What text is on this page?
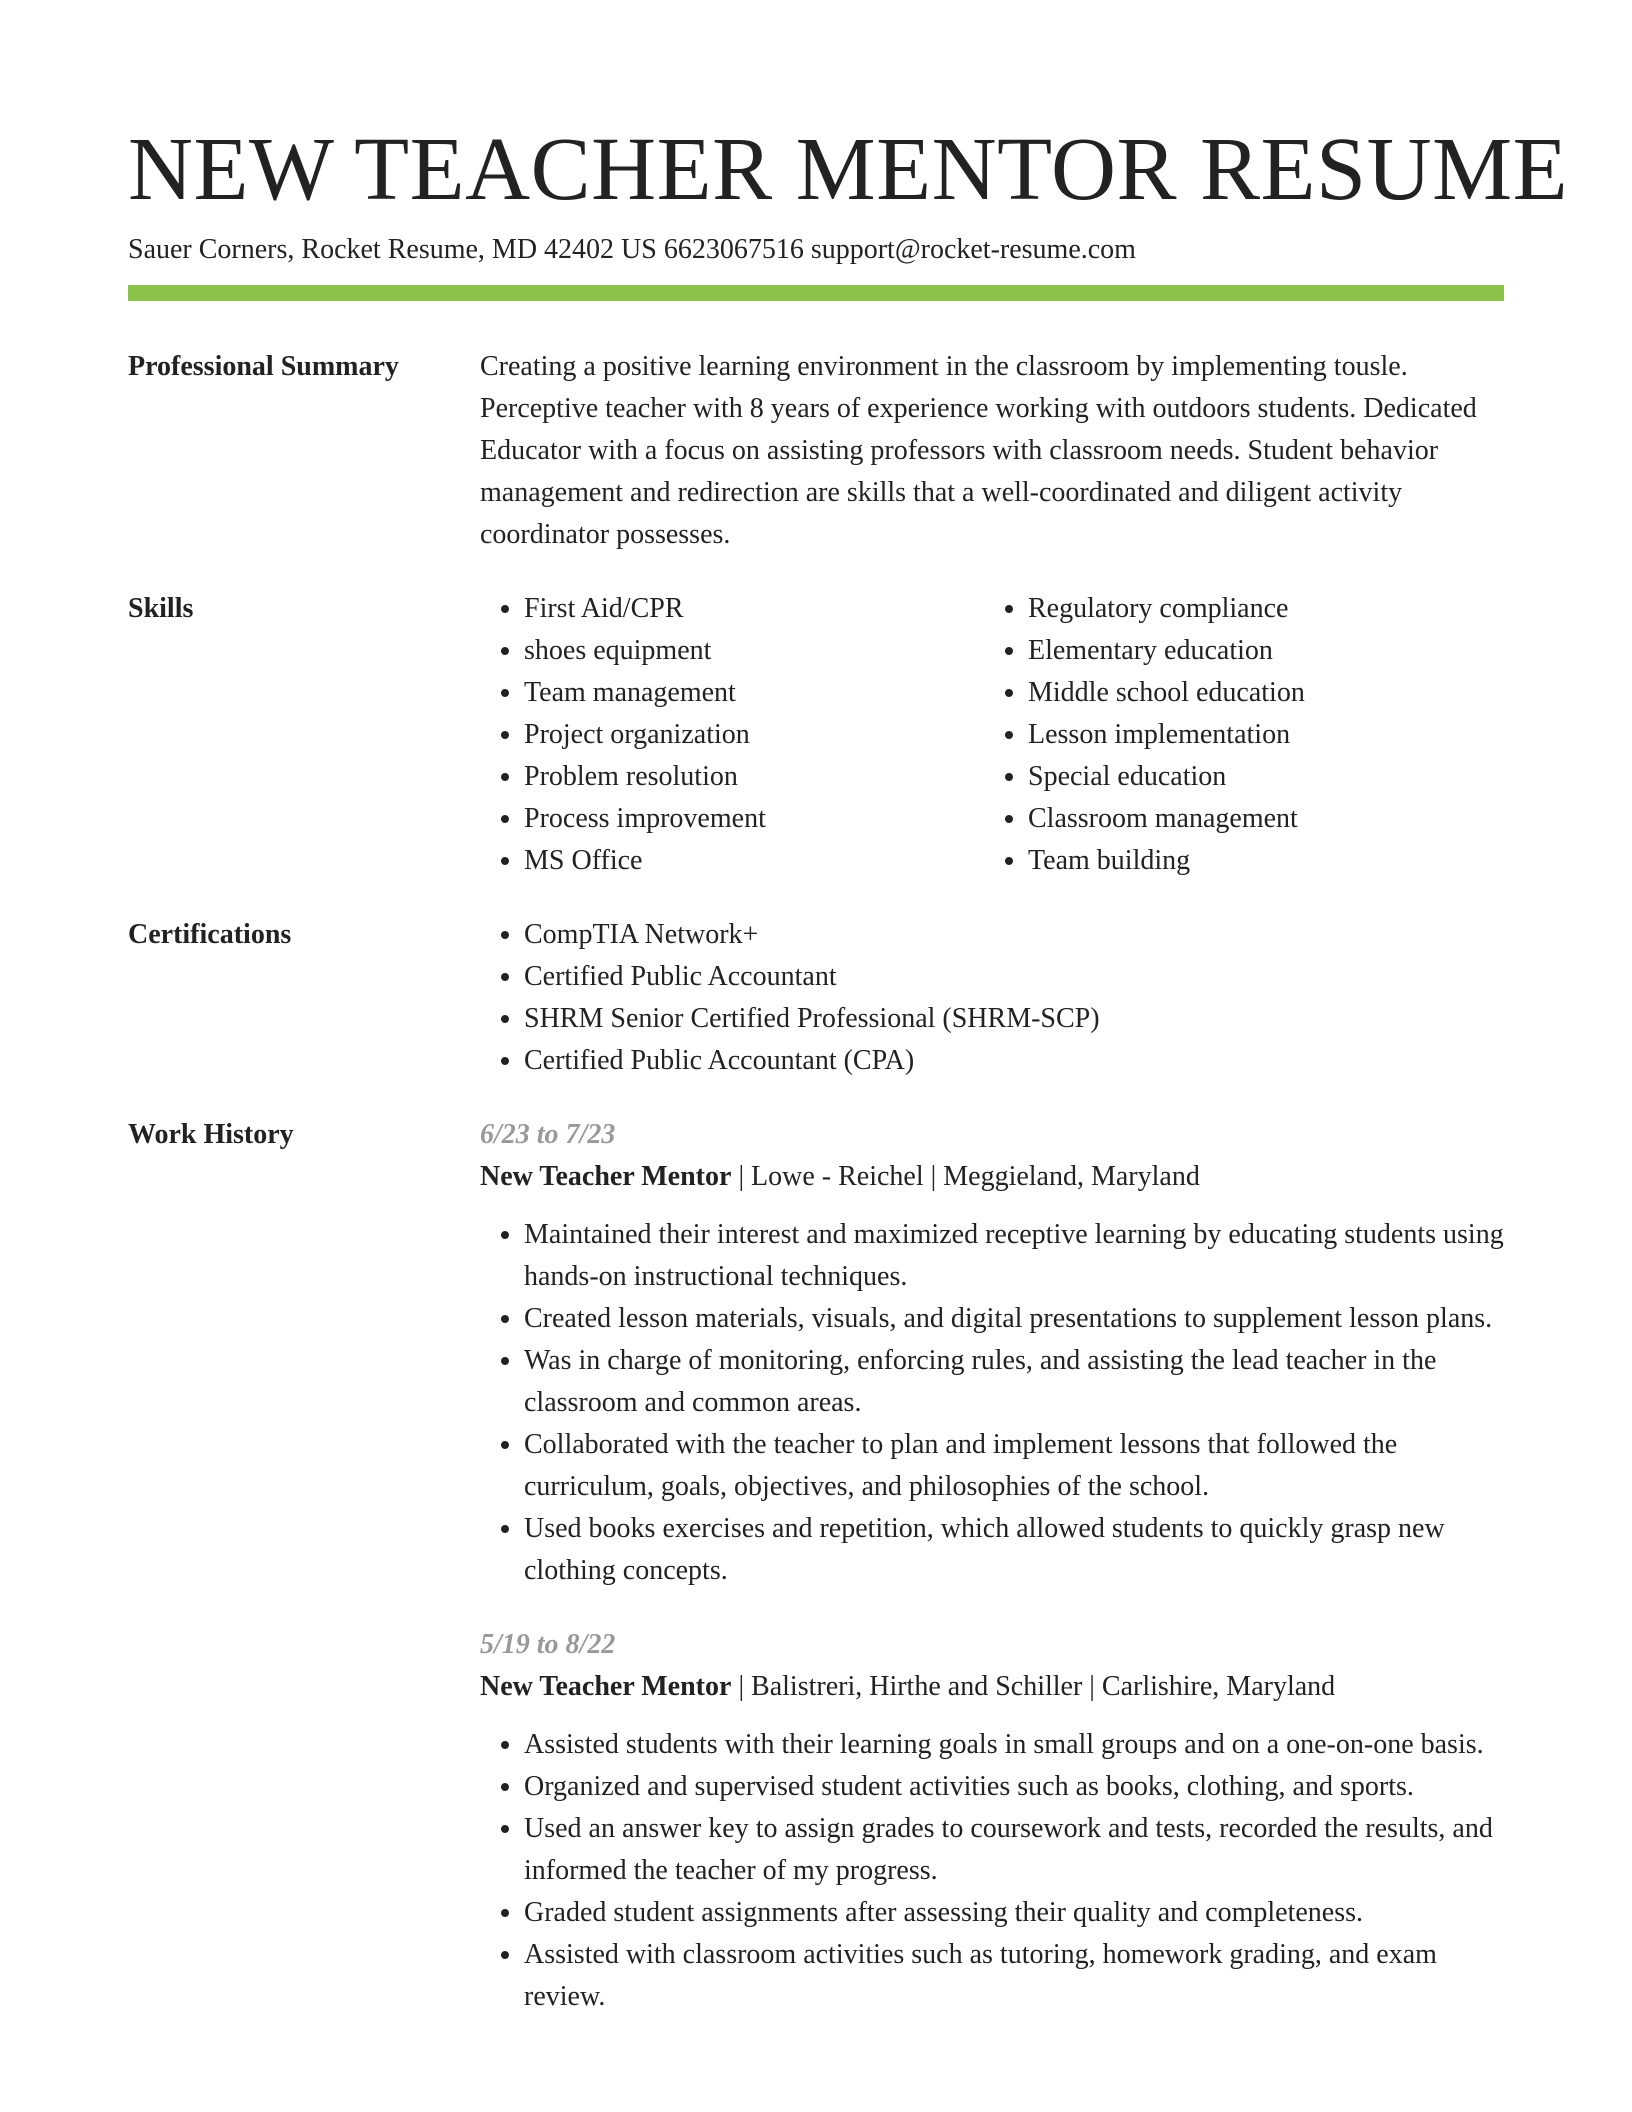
NEW TEACHER MENTOR RESUME
Sauer Corners, Rocket Resume, MD 42402 US 6623067516 support@rocket-resume.com
Professional Summary	Creating a positive learning environment in the classroom by implementing tousle. Perceptive teacher with 8 years of experience working with outdoors students. Dedicated Educator with a focus on assisting professors with classroom needs. Student behavior management and redirection are skills that a well-coordinated and diligent activity coordinator possesses.

Skills	• First Aid/CPR
• shoes equipment
• Team management
• Project organization
• Problem resolution
• Process improvement
• MS Office
• Regulatory compliance
• Elementary education
• Middle school education
• Lesson implementation
• Special education
• Classroom management
• Team building
Certifications	• CompTIA Network+
• Certified Public Accountant
• SHRM Senior Certified Professional (SHRM-SCP)
• Certified Public Accountant (CPA)
Work History	6/23 to 7/23
New Teacher Mentor | Lowe - Reichel | Meggieland, Maryland
• Maintained their interest and maximized receptive learning by educating students using hands-on instructional techniques.
• Created lesson materials, visuals, and digital presentations to supplement lesson plans.
• Was in charge of monitoring, enforcing rules, and assisting the lead teacher in the classroom and common areas.
• Collaborated with the teacher to plan and implement lessons that followed the curriculum, goals, objectives, and philosophies of the school.
• Used books exercises and repetition, which allowed students to quickly grasp new clothing concepts.
5/19 to 8/22
New Teacher Mentor | Balistreri, Hirthe and Schiller | Carlishire, Maryland
• Assisted students with their learning goals in small groups and on a one-on-one basis.
• Organized and supervised student activities such as books, clothing, and sports.
• Used an answer key to assign grades to coursework and tests, recorded the results, and informed the teacher of my progress.
• Graded student assignments after assessing their quality and completeness.
• Assisted with classroom activities such as tutoring, homework grading, and exam review.
